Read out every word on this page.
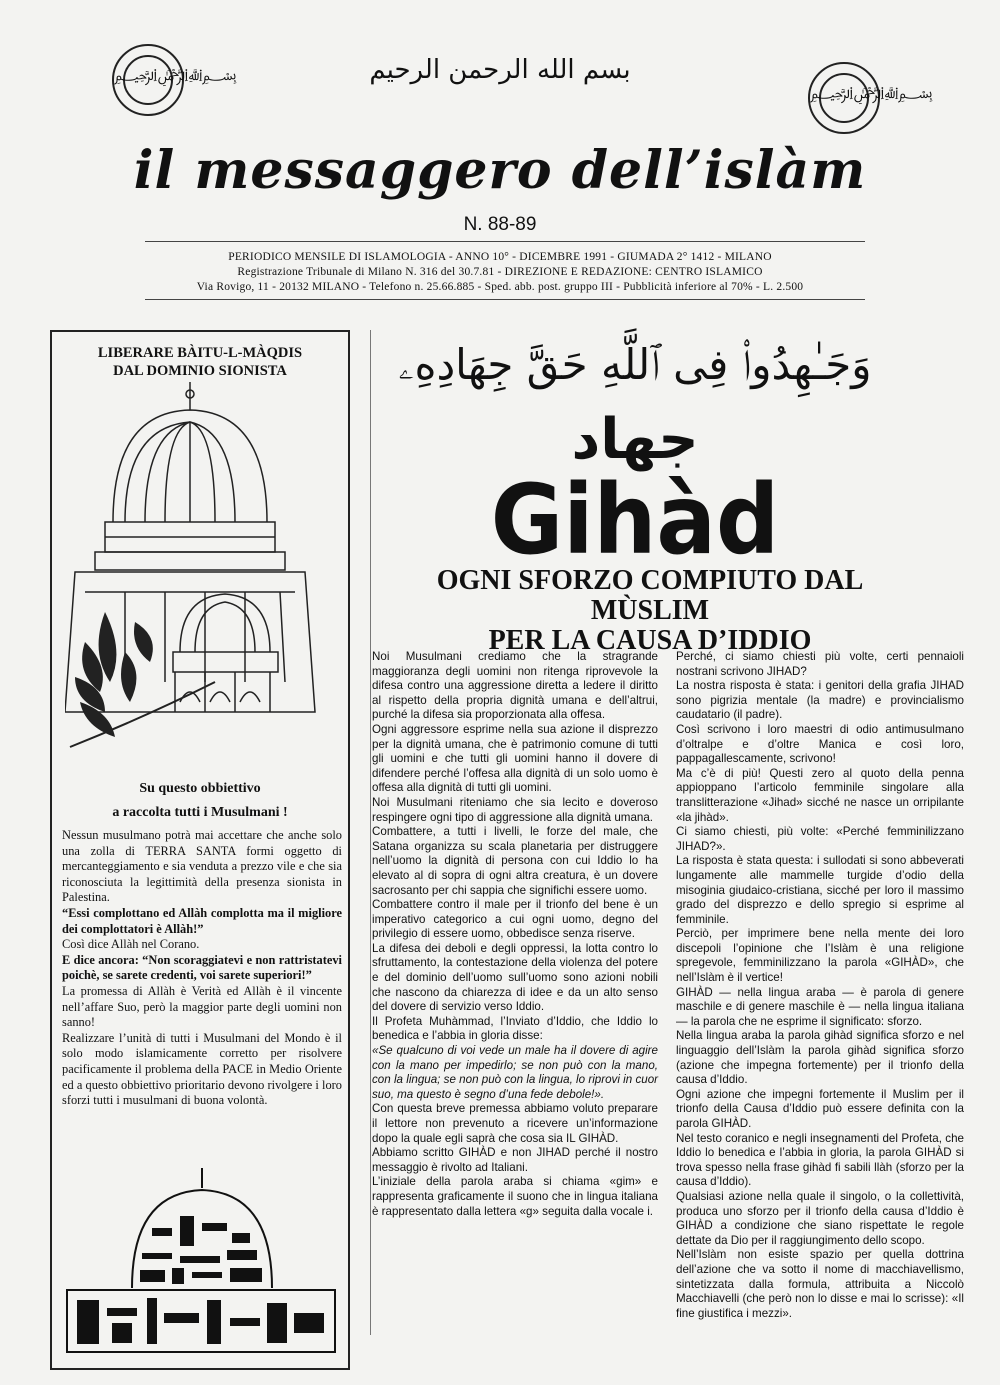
﷽
﷽
بسم الله الرحمن الرحيم
il messaggero dell’islàm
N. 88-89
PERIODICO MENSILE DI ISLAMOLOGIA - ANNO 10° - DICEMBRE 1991 - GIUMADA 2° 1412 - MILANO
Registrazione Tribunale di Milano N. 316 del 30.7.81 - DIREZIONE E REDAZIONE: CENTRO ISLAMICO
Via Rovigo, 11 - 20132 MILANO - Telefono n. 25.66.885 - Sped. abb. post. gruppo III - Pubblicità inferiore al 70% - L. 2.500
LIBERARE BÀITU-L-MÀQDIS
DAL DOMINIO SIONISTA
Su questo obbiettivo
a raccolta tutti i Musulmani !
Nessun musulmano potrà mai accettare che anche solo una zolla di TERRA SANTA formi oggetto di mercanteggiamento e sia venduta a prezzo vile e che sia riconosciuta la legittimità della presenza sionista in Palestina.
“Essi complottano ed Allàh complotta ma il migliore dei complottatori è Allàh!”
Così dice Allàh nel Corano.
E dice ancora: “Non scoraggiatevi e non rattristatevi poichè, se sarete credenti, voi sarete superiori!”
La promessa di Allàh è Verità ed Allàh è il vincente nell’affare Suo, però la maggior parte degli uomini non sanno!
Realizzare l’unità di tutti i Musulmani del Mondo è il solo modo islamicamente corretto per risolvere pacificamente il problema della PACE in Medio Oriente ed a questo obbiettivo prioritario devono rivolgere i loro sforzi tutti i musulmani di buona volontà.
وَجَـٰهِدُوا۟ فِى ٱللَّهِ حَقَّ جِهَادِهِۦ
جهاد
Gihàd
OGNI SFORZO COMPIUTO DAL MÙSLIM
PER LA CAUSA D’IDDIO

Noi Musulmani crediamo che la stragrande maggioranza degli uomini non ritenga riprovevole la difesa contro una aggressione diretta a ledere il diritto al rispetto della propria dignità umana e dell’altrui, purché la difesa sia proporzionata alla offesa.

Ogni aggressore esprime nella sua azione il disprezzo per la dignità umana, che è patrimonio comune di tutti gli uomini e che tutti gli uomini hanno il dovere di difendere perché l’offesa alla dignità di un solo uomo è offesa alla dignità di tutti gli uomini.

Noi Musulmani riteniamo che sia lecito e doveroso respingere ogni tipo di aggressione alla dignità umana.

Combattere, a tutti i livelli, le forze del male, che Satana organizza su scala planetaria per distruggere nell’uomo la dignità di persona con cui Iddio lo ha elevato al di sopra di ogni altra creatura, è un dovere sacrosanto per chi sappia che significhi essere uomo.

Combattere contro il male per il trionfo del bene è un imperativo categorico a cui ogni uomo, degno del privilegio di essere uomo, obbedisce senza riserve.

La difesa dei deboli e degli oppressi, la lotta contro lo sfruttamento, la contestazione della violenza del potere e del dominio dell’uomo sull’uomo sono azioni nobili che nascono da chiarezza di idee e da un alto senso del dovere di servizio verso Iddio.

Il Profeta Muhàmmad, l’Inviato d’Iddio, che Iddio lo benedica e l’abbia in gloria disse:

«Se qualcuno di voi vede un male ha il dovere di agire con la mano per impedirlo; se non può con la mano, con la lingua; se non può con la lingua, lo riprovi in cuor suo, ma questo è segno d’una fede debole!».

Con questa breve premessa abbiamo voluto preparare il lettore non prevenuto a ricevere un’informazione dopo la quale egli saprà che cosa sia IL GIHÀD.

Abbiamo scritto GIHÀD e non JIHAD perché il nostro messaggio è rivolto ad Italiani.

L’iniziale della parola araba si chiama «gim» e rappresenta graficamente il suono che in lingua italiana è rappresentato dalla lettera «g» seguita dalla vocale i.

Perché, ci siamo chiesti più volte, certi pennaioli nostrani scrivono JIHAD?

La nostra risposta è stata: i genitori della grafia JIHAD sono pigrizia mentale (la madre) e provincialismo caudatario (il padre).

Così scrivono i loro maestri di odio antimusulmano d’oltralpe e d’oltre Manica e così loro, pappagallescamente, scrivono!

Ma c’è di più! Questi zero al quoto della penna appioppano l’articolo femminile singolare alla translitterazione «Jihad» sicché ne nasce un orripilante «la jihàd».

Ci siamo chiesti, più volte: «Perché femminilizzano JIHAD?».

La risposta è stata questa: i sullodati si sono abbeverati lungamente alle mammelle turgide d’odio della misoginia giudaico-cristiana, sicché per loro il massimo grado del disprezzo e dello spregio si esprime al femminile.

Perciò, per imprimere bene nella mente dei loro discepoli l’opinione che l’Islàm è una religione spregevole, femminilizzano la parola «GIHÀD», che nell’Islàm è il vertice!

GIHÀD — nella lingua araba — è parola di genere maschile e di genere maschile è — nella lingua italiana — la parola che ne esprime il significato: sforzo.

Nella lingua araba la parola gihàd significa sforzo e nel linguaggio dell’Islàm la parola gihàd significa sforzo (azione che impegna fortemente) per il trionfo della causa d’Iddio.

Ogni azione che impegni fortemente il Muslim per il trionfo della Causa d’Iddio può essere definita con la parola GIHÀD.

Nel testo coranico e negli insegnamenti del Profeta, che Iddio lo benedica e l’abbia in gloria, la parola GIHÀD si trova spesso nella frase gihàd fi sabili llàh (sforzo per la causa d’Iddio).

Qualsiasi azione nella quale il singolo, o la collettività, produca uno sforzo per il trionfo della causa d’Iddio è GIHÀD a condizione che siano rispettate le regole dettate da Dio per il raggiungimento dello scopo.

Nell’Islàm non esiste spazio per quella dottrina dell’azione che va sotto il nome di macchiavellismo, sintetizzata dalla formula, attribuita a Niccolò Macchiavelli (che però non lo disse e mai lo scrisse): «Il fine giustifica i mezzi».
